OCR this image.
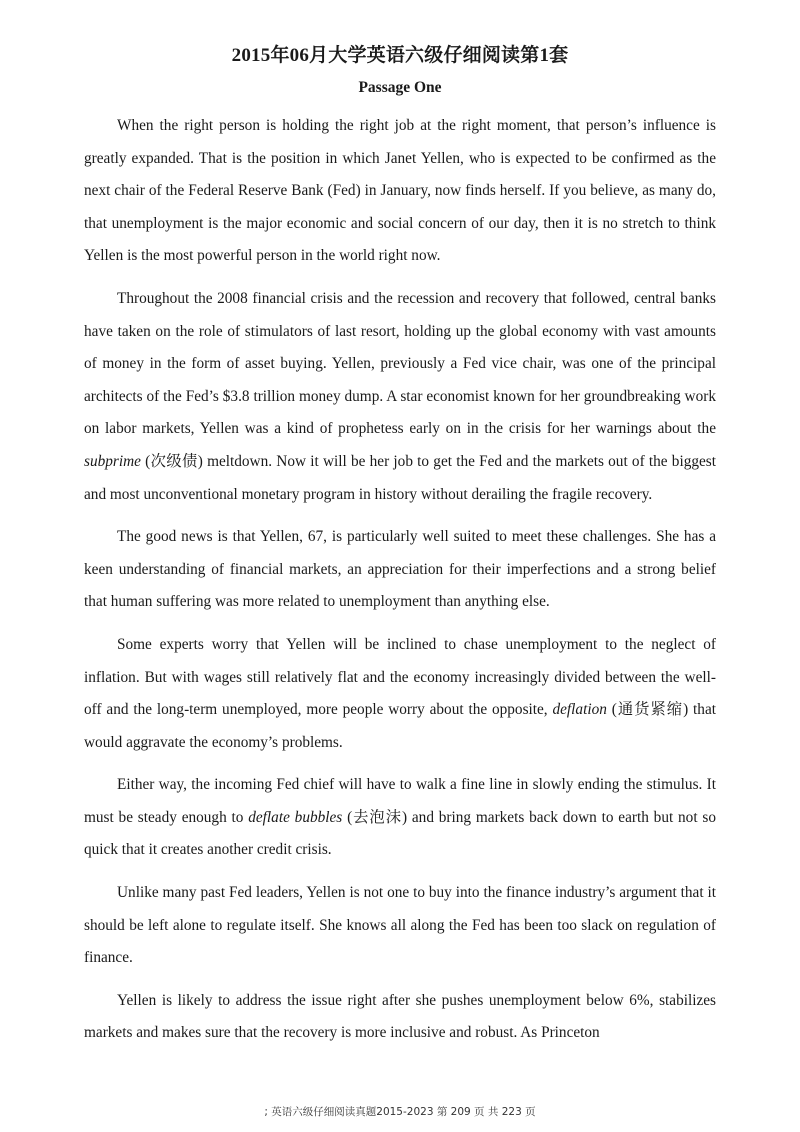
2015年06月大学英语六级仔细阅读第1套
Passage One

When the right person is holding the right job at the right moment, that person’s influence is greatly expanded. That is the position in which Janet Yellen, who is expected to be confirmed as the next chair of the Federal Reserve Bank (Fed) in January, now finds herself. If you believe, as many do, that unemployment is the major economic and social concern of our day, then it is no stretch to think Yellen is the most powerful person in the world right now.

Throughout the 2008 financial crisis and the recession and recovery that followed, central banks have taken on the role of stimulators of last resort, holding up the global economy with vast amounts of money in the form of asset buying. Yellen, previously a Fed vice chair, was one of the principal architects of the Fed’s $3.8 trillion money dump. A star economist known for her groundbreaking work on labor markets, Yellen was a kind of prophetess early on in the crisis for her warnings about the subprime (次级债) meltdown. Now it will be her job to get the Fed and the markets out of the biggest and most unconventional monetary program in history without derailing the fragile recovery.

The good news is that Yellen, 67, is particularly well suited to meet these challenges. She has a keen understanding of financial markets, an appreciation for their imperfections and a strong belief that human suffering was more related to unemployment than anything else.

Some experts worry that Yellen will be inclined to chase unemployment to the neglect of inflation. But with wages still relatively flat and the economy increasingly divided between the well-off and the long-term unemployed, more people worry about the opposite, deflation (通货紧缩) that would aggravate the economy’s problems.

Either way, the incoming Fed chief will have to walk a fine line in slowly ending the stimulus. It must be steady enough to deflate bubbles (去泡沫) and bring markets back down to earth but not so quick that it creates another credit crisis.

Unlike many past Fed leaders, Yellen is not one to buy into the finance industry’s argument that it should be left alone to regulate itself. She knows all along the Fed has been too slack on regulation of finance.

Yellen is likely to address the issue right after she pushes unemployment below 6%, stabilizes markets and makes sure that the recovery is more inclusive and robust. As Princeton

; 英语六级仔细阅读真题2015-2023 第 209 页 共 223 页
